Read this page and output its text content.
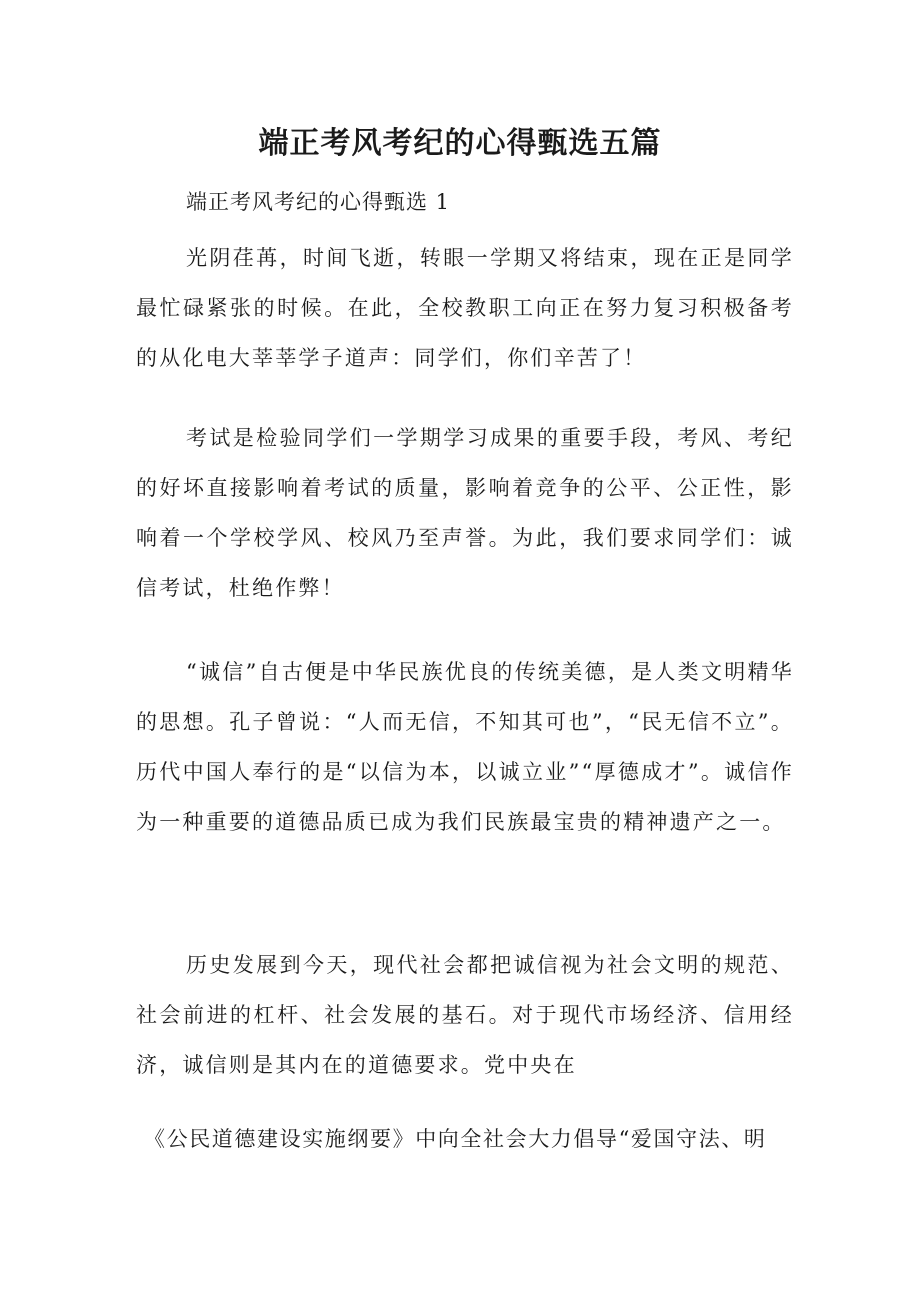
端正考风考纪的心得甄选五篇

端正考风考纪的心得甄选 1

光阴荏苒，时间飞逝，转眼一学期又将结束，现在正是同学最忙碌紧张的时候。在此，全校教职工向正在努力复习积极备考的从化电大莘莘学子道声：同学们，你们辛苦了！

考试是检验同学们一学期学习成果的重要手段，考风、考纪的好坏直接影响着考试的质量，影响着竞争的公平、公正性，影响着一个学校学风、校风乃至声誉。为此，我们要求同学们：诚信考试，杜绝作弊！

“诚信”自古便是中华民族优良的传统美德，是人类文明精华的思想。孔子曾说：“人而无信，不知其可也”，“民无信不立”。历代中国人奉行的是“以信为本，以诚立业”“厚德成才”。诚信作为一种重要的道德品质已成为我们民族最宝贵的精神遗产之一。

历史发展到今天，现代社会都把诚信视为社会文明的规范、社会前进的杠杆、社会发展的基石。对于现代市场经济、信用经济，诚信则是其内在的道德要求。党中央在

《公民道德建设实施纲要》中向全社会大力倡导“爱国守法、明
